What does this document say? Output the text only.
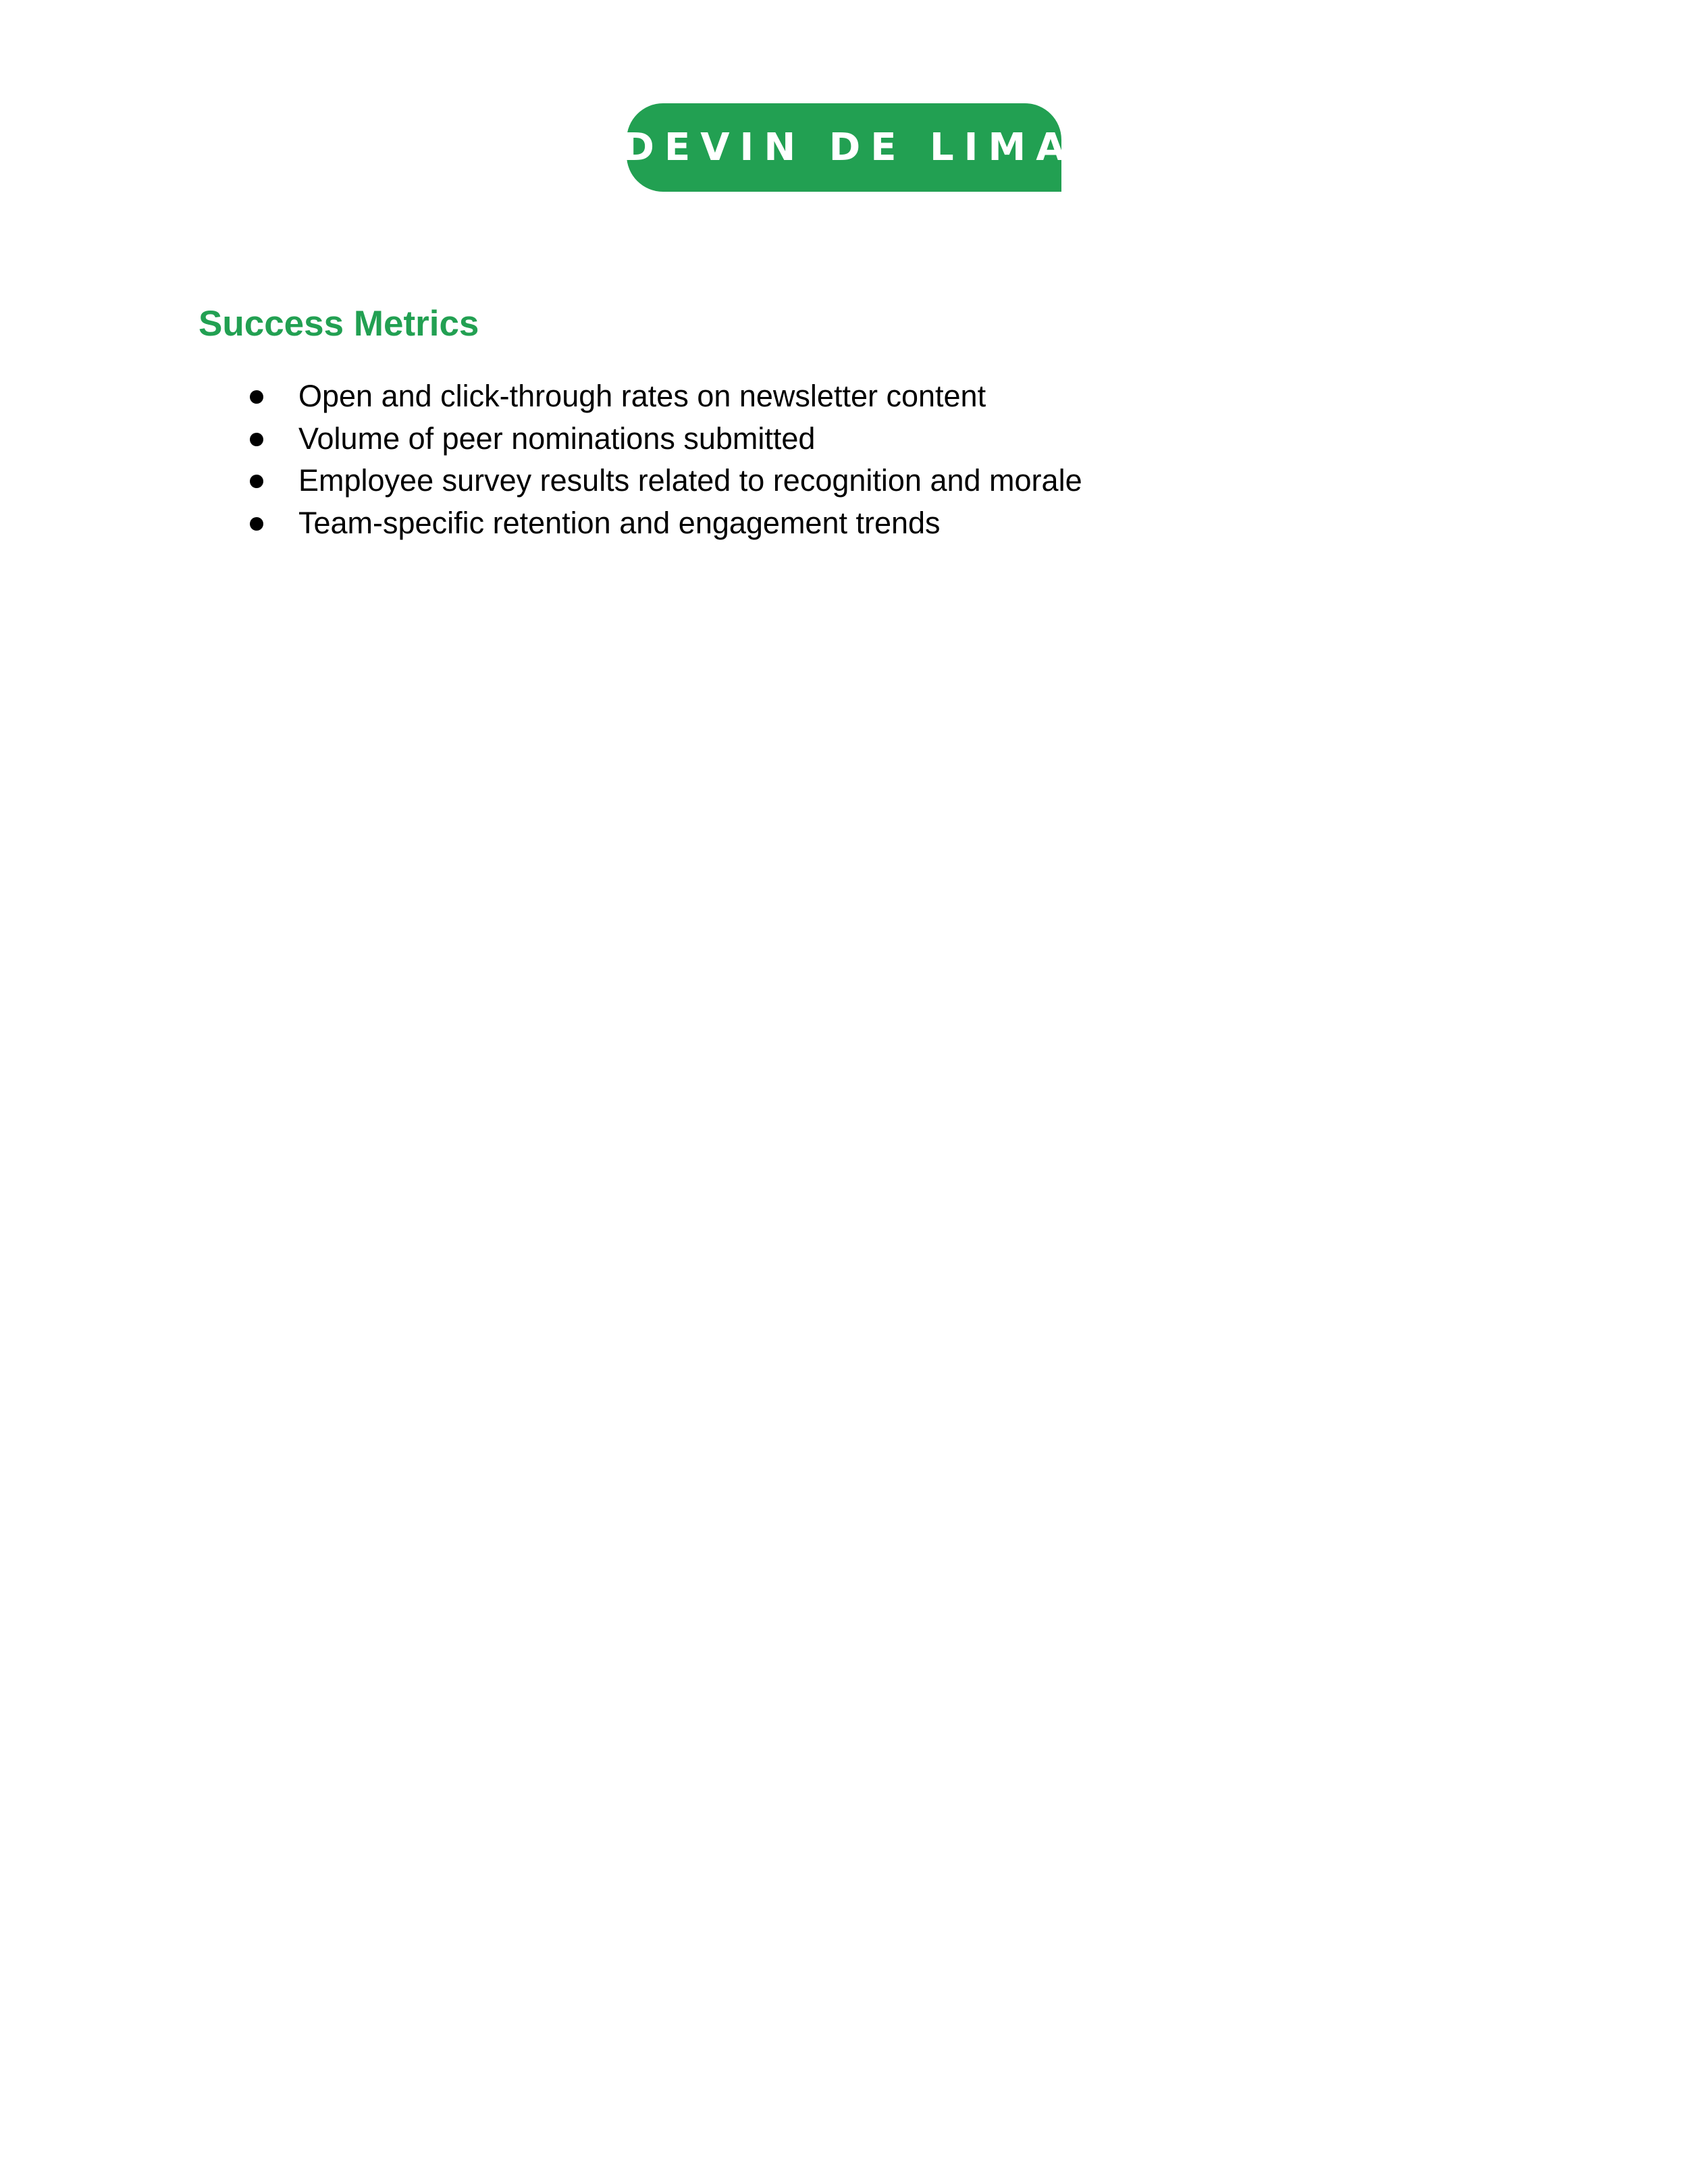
DEVIN DE LIMA
Success Metrics
Open and click-through rates on newsletter content
Volume of peer nominations submitted
Employee survey results related to recognition and morale
Team-specific retention and engagement trends
